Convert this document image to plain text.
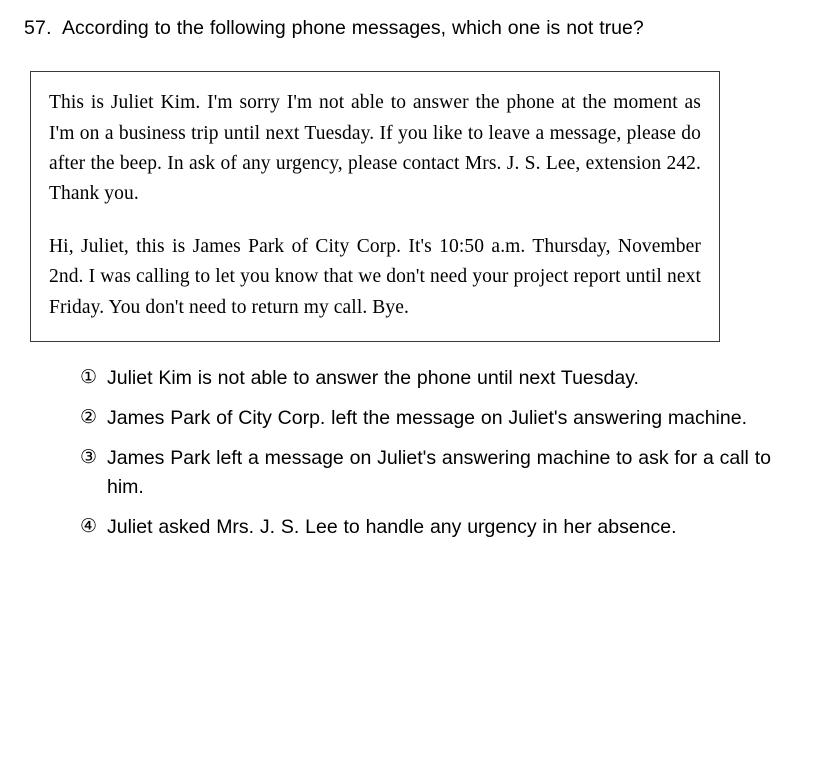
57. According to the following phone messages, which one is not true?

This is Juliet Kim. I'm sorry I'm not able to answer the phone at the moment as I'm on a business trip until next Tuesday. If you like to leave a message, please do after the beep. In ask of any urgency, please contact Mrs. J. S. Lee, extension 242. Thank you.

Hi, Juliet, this is James Park of City Corp. It's 10:50 a.m. Thursday, November 2nd. I was calling to let you know that we don't need your project report until next Friday. You don't need to return my call. Bye.

① Juliet Kim is not able to answer the phone until next Tuesday.
② James Park of City Corp. left the message on Juliet's answering machine.
③ James Park left a message on Juliet's answering machine to ask for a call to him.
④ Juliet asked Mrs. J. S. Lee to handle any urgency in her absence.
